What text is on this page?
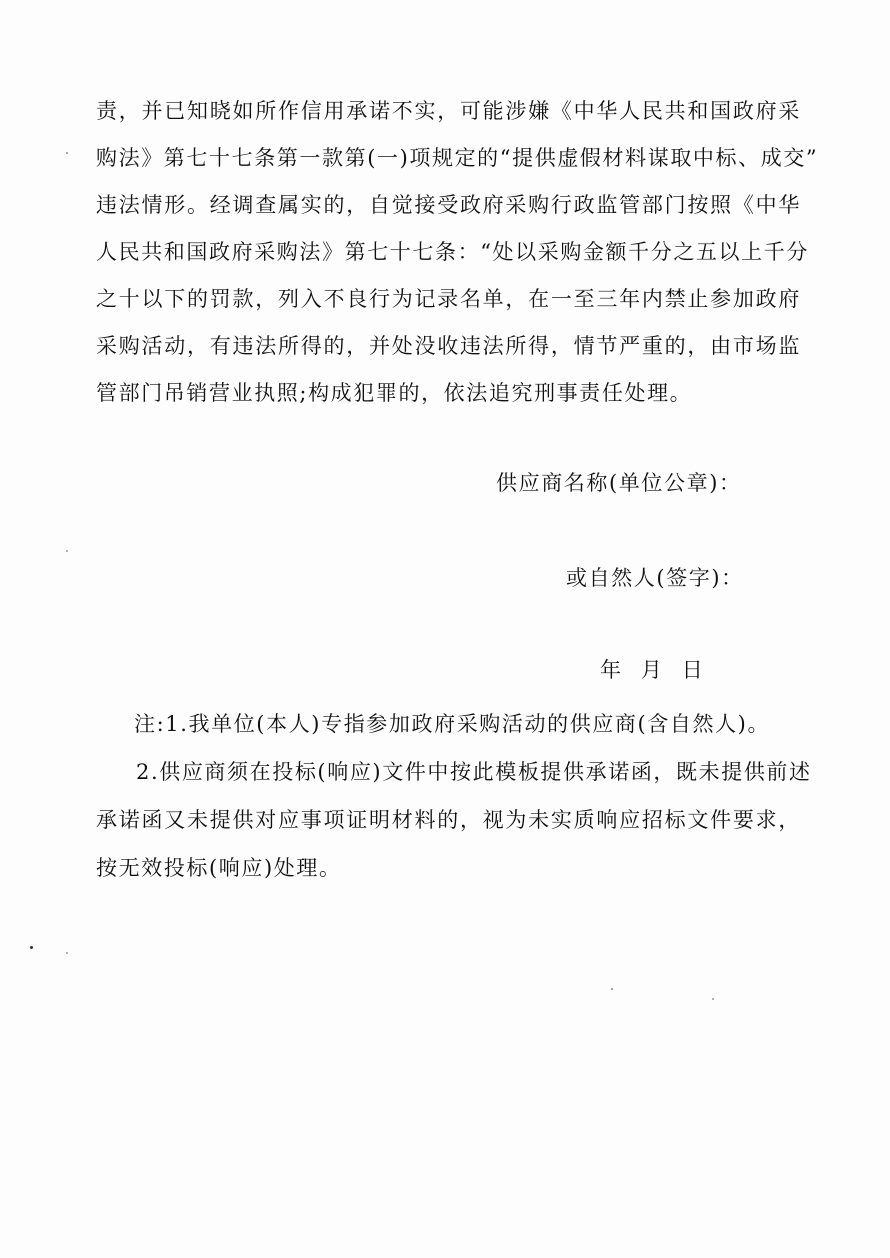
责，并已知晓如所作信用承诺不实，可能涉嫌《中华人民共和国政府采
购法》第七十七条第一款第(一)项规定的“提供虚假材料谋取中标、成交”
违法情形。经调查属实的，自觉接受政府采购行政监管部门按照《中华
人民共和国政府采购法》第七十七条：“处以采购金额千分之五以上千分
之十以下的罚款，列入不良行为记录名单，在一至三年内禁止参加政府
采购活动，有违法所得的，并处没收违法所得，情节严重的，由市场监
管部门吊销营业执照;构成犯罪的，依法追究刑事责任处理。
供应商名称(单位公章)：
或自然人(签字)：
年 月 日
注:1.我单位(本人)专指参加政府采购活动的供应商(含自然人)。
2.供应商须在投标(响应)文件中按此模板提供承诺函，既未提供前述
承诺函又未提供对应事项证明材料的，视为未实质响应招标文件要求，
按无效投标(响应)处理。
